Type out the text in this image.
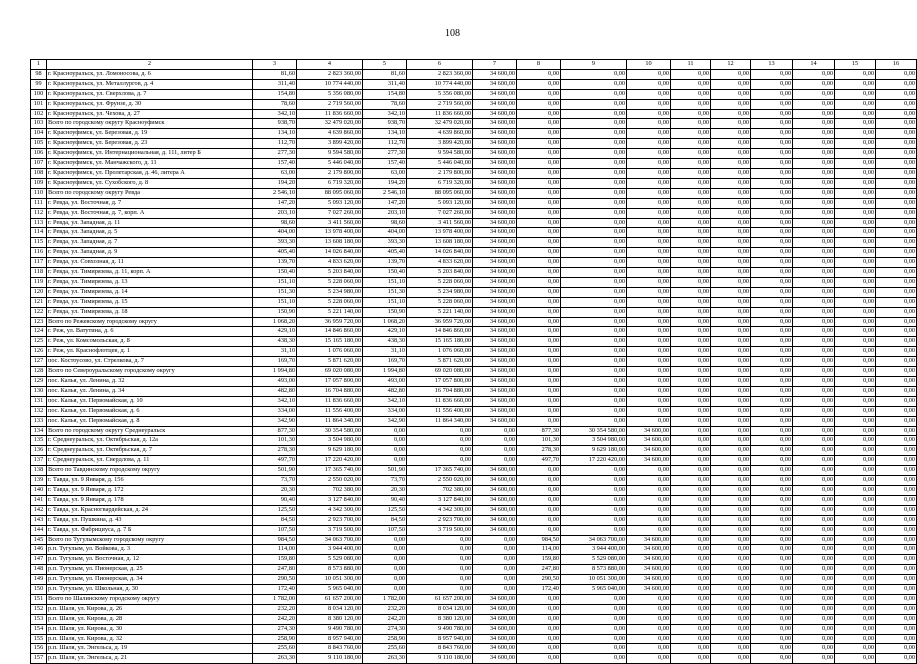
108
1	2	3	4	5	6	7	8	9	10	11	12	13	14	15	16
98	г. Красноуральск, ул. Ломоносова, д. 6	81,60	2 823 360,00	81,60	2 823 360,00	34 600,00	0,00	0,00	0,00	0,00	0,00	0,00	0,00	0,00	0,00
99	г. Красноуральск, ул. Металлургов, д. 4	311,40	10 774 440,00	311,40	10 774 440,00	34 600,00	0,00	0,00	0,00	0,00	0,00	0,00	0,00	0,00	0,00
100	г. Красноуральск, ул. Сверхлова, д. 7	154,80	5 356 080,00	154,80	5 356 080,00	34 600,00	0,00	0,00	0,00	0,00	0,00	0,00	0,00	0,00	0,00
101	г. Красноуральск, ул. Фрунзе, д. 30	78,60	2 719 560,00	78,60	2 719 560,00	34 600,00	0,00	0,00	0,00	0,00	0,00	0,00	0,00	0,00	0,00
102	г. Красноуральск, ул. Чехова, д. 27	342,10	11 836 660,00	342,10	11 836 660,00	34 600,00	0,00	0,00	0,00	0,00	0,00	0,00	0,00	0,00	0,00
103	Всего по городскому округу Красноуфимск	938,70	32 479 020,00	938,70	32 479 020,00	34 600,00	0,00	0,00	0,00	0,00	0,00	0,00	0,00	0,00	0,00
104	г. Красноуфимск, ул. Березовая, д. 19	134,10	4 639 860,00	134,10	4 639 860,00	34 600,00	0,00	0,00	0,00	0,00	0,00	0,00	0,00	0,00	0,00
105	г. Красноуфимск, ул. Березовая, д. 23	112,70	3 899 420,00	112,70	3 899 420,00	34 600,00	0,00	0,00	0,00	0,00	0,00	0,00	0,00	0,00	0,00
106	г. Красноуфимск, ул. Интернациональная, д. 111, литер Б	277,30	9 594 580,00	277,30	9 594 580,00	34 600,00	0,00	0,00	0,00	0,00	0,00	0,00	0,00	0,00	0,00
107	г. Красноуфимск, ул. Манчажского, д. 11	157,40	5 446 040,00	157,40	5 446 040,00	34 600,00	0,00	0,00	0,00	0,00	0,00	0,00	0,00	0,00	0,00
108	г. Красноуфимск, ул. Пролетарская, д. 46, литера А	63,00	2 179 800,00	63,00	2 179 800,00	34 600,00	0,00	0,00	0,00	0,00	0,00	0,00	0,00	0,00	0,00
109	г. Красноуфимск, ул. Сухобского, д. 8	194,20	6 719 320,00	194,20	6 719 320,00	34 600,00	0,00	0,00	0,00	0,00	0,00	0,00	0,00	0,00	0,00
110	Всего по городскому округу Ревда	2 546,10	88 095 060,00	2 546,10	88 095 060,00	34 600,00	0,00	0,00	0,00	0,00	0,00	0,00	0,00	0,00	0,00
111	г. Ревда, ул. Восточная, д. 7	147,20	5 093 120,00	147,20	5 093 120,00	34 600,00	0,00	0,00	0,00	0,00	0,00	0,00	0,00	0,00	0,00
112	г. Ревда, ул. Восточная, д. 7, корп. А	203,10	7 027 260,00	203,10	7 027 260,00	34 600,00	0,00	0,00	0,00	0,00	0,00	0,00	0,00	0,00	0,00
113	г. Ревда, ул. Западная, д. 11	98,60	3 411 560,00	98,60	3 411 560,00	34 600,00	0,00	0,00	0,00	0,00	0,00	0,00	0,00	0,00	0,00
114	г. Ревда, ул. Западная, д. 5	404,00	13 978 400,00	404,00	13 978 400,00	34 600,00	0,00	0,00	0,00	0,00	0,00	0,00	0,00	0,00	0,00
115	г. Ревда, ул. Западная, д. 7	393,30	13 608 180,00	393,30	13 608 180,00	34 600,00	0,00	0,00	0,00	0,00	0,00	0,00	0,00	0,00	0,00
116	г. Ревда, ул. Западная, д. 9	405,40	14 026 840,00	405,40	14 026 840,00	34 600,00	0,00	0,00	0,00	0,00	0,00	0,00	0,00	0,00	0,00
117	г. Ревда, ул. Совхозная, д. 11	139,70	4 833 620,00	139,70	4 833 620,00	34 600,00	0,00	0,00	0,00	0,00	0,00	0,00	0,00	0,00	0,00
118	г. Ревда, ул. Тимирязева, д. 11, корп. А	150,40	5 203 840,00	150,40	5 203 840,00	34 600,00	0,00	0,00	0,00	0,00	0,00	0,00	0,00	0,00	0,00
119	г. Ревда, ул. Тимирязева, д. 13	151,10	5 228 060,00	151,10	5 228 060,00	34 600,00	0,00	0,00	0,00	0,00	0,00	0,00	0,00	0,00	0,00
120	г. Ревда, ул. Тимирязева, д. 14	151,30	5 234 980,00	151,30	5 234 980,00	34 600,00	0,00	0,00	0,00	0,00	0,00	0,00	0,00	0,00	0,00
121	г. Ревда, ул. Тимирязева, д. 15	151,10	5 228 060,00	151,10	5 228 060,00	34 600,00	0,00	0,00	0,00	0,00	0,00	0,00	0,00	0,00	0,00
122	г. Ревда, ул. Тимирязева, д. 18	150,90	5 221 140,00	150,90	5 221 140,00	34 600,00	0,00	0,00	0,00	0,00	0,00	0,00	0,00	0,00	0,00
123	Всего по Режевскому городскому округу	1 068,20	36 959 720,00	1 068,20	36 959 720,00	34 600,00	0,00	0,00	0,00	0,00	0,00	0,00	0,00	0,00	0,00
124	г. Реж, ул. Ватутина, д. 6	429,10	14 846 860,00	429,10	14 846 860,00	34 600,00	0,00	0,00	0,00	0,00	0,00	0,00	0,00	0,00	0,00
125	г. Реж, ул. Комсомольская, д. 8	438,30	15 165 180,00	438,30	15 165 180,00	34 600,00	0,00	0,00	0,00	0,00	0,00	0,00	0,00	0,00	0,00
126	г. Реж, ул. Краснофлотцев, д. 1	31,10	1 076 060,00	31,10	1 076 060,00	34 600,00	0,00	0,00	0,00	0,00	0,00	0,00	0,00	0,00	0,00
127	пос. Костоусово, ул. Стрелкова, д. 7	169,70	5 871 620,00	169,70	5 871 620,00	34 600,00	0,00	0,00	0,00	0,00	0,00	0,00	0,00	0,00	0,00
128	Всего по Североуральскому городскому округу	1 994,80	69 020 080,00	1 994,80	69 020 080,00	34 600,00	0,00	0,00	0,00	0,00	0,00	0,00	0,00	0,00	0,00
129	пос. Калья, ул. Ленина, д. 32	493,00	17 057 800,00	493,00	17 057 800,00	34 600,00	0,00	0,00	0,00	0,00	0,00	0,00	0,00	0,00	0,00
130	пос. Калья, ул. Ленина, д. 34	482,80	16 704 880,00	482,80	16 704 880,00	34 600,00	0,00	0,00	0,00	0,00	0,00	0,00	0,00	0,00	0,00
131	пос. Калья, ул. Первомайская, д. 10	342,10	11 836 660,00	342,10	11 836 660,00	34 600,00	0,00	0,00	0,00	0,00	0,00	0,00	0,00	0,00	0,00
132	пос. Калья, ул. Первомайская, д. 6	334,00	11 556 400,00	334,00	11 556 400,00	34 600,00	0,00	0,00	0,00	0,00	0,00	0,00	0,00	0,00	0,00
133	пос. Калья, ул. Первомайская, д. 8	342,90	11 864 340,00	342,90	11 864 340,00	34 600,00	0,00	0,00	0,00	0,00	0,00	0,00	0,00	0,00	0,00
134	Всего по городскому округу Среднеуральск	877,30	30 354 580,00	0,00	0,00	0,00	877,30	30 354 580,00	34 600,00	0,00	0,00	0,00	0,00	0,00	0,00
135	г. Среднеуральск, ул. Октябрьская, д. 12а	101,30	3 504 980,00	0,00	0,00	0,00	101,30	3 504 980,00	34 600,00	0,00	0,00	0,00	0,00	0,00	0,00
136	г. Среднеуральск, ул. Октябрьская, д. 7	278,30	9 629 180,00	0,00	0,00	0,00	278,30	9 629 180,00	34 600,00	0,00	0,00	0,00	0,00	0,00	0,00
137	г. Среднеуральск, ул. Свердлова, д. 11	497,70	17 220 420,00	0,00	0,00	0,00	497,70	17 220 420,00	34 600,00	0,00	0,00	0,00	0,00	0,00	0,00
138	Всего по Тавдинскому городскому округу	501,90	17 365 740,00	501,90	17 365 740,00	34 600,00	0,00	0,00	0,00	0,00	0,00	0,00	0,00	0,00	0,00
139	г. Тавда, ул. 9 Января, д. 156	73,70	2 550 020,00	73,70	2 550 020,00	34 600,00	0,00	0,00	0,00	0,00	0,00	0,00	0,00	0,00	0,00
140	г. Тавда, ул. 9 Января, д. 172	20,30	702 380,00	20,30	702 380,00	34 600,00	0,00	0,00	0,00	0,00	0,00	0,00	0,00	0,00	0,00
141	г. Тавда, ул. 9 Января, д. 178	90,40	3 127 840,00	90,40	3 127 840,00	34 600,00	0,00	0,00	0,00	0,00	0,00	0,00	0,00	0,00	0,00
142	г. Тавда, ул. Красногвардейская, д. 24	125,50	4 342 300,00	125,50	4 342 300,00	34 600,00	0,00	0,00	0,00	0,00	0,00	0,00	0,00	0,00	0,00
143	г. Тавда, ул. Пушкина, д. 43	84,50	2 923 700,00	84,50	2 923 700,00	34 600,00	0,00	0,00	0,00	0,00	0,00	0,00	0,00	0,00	0,00
144	г. Тавда, ул. Фабрициуса, д. 7 Б	107,50	3 719 500,00	107,50	3 719 500,00	34 600,00	0,00	0,00	0,00	0,00	0,00	0,00	0,00	0,00	0,00
145	Всего по Тугулымскому городскому округу	984,50	34 063 700,00	0,00	0,00	0,00	984,50	34 063 700,00	34 600,00	0,00	0,00	0,00	0,00	0,00	0,00
146	р.п. Тугулым, ул. Войкова, д. 3	114,00	3 944 400,00	0,00	0,00	0,00	114,00	3 944 400,00	34 600,00	0,00	0,00	0,00	0,00	0,00	0,00
147	р.п. Тугулым, ул. Восточная, д. 12	159,80	5 529 080,00	0,00	0,00	0,00	159,80	5 529 080,00	34 600,00	0,00	0,00	0,00	0,00	0,00	0,00
148	р.п. Тугулым, ул. Пионерская, д. 25	247,80	8 573 880,00	0,00	0,00	0,00	247,80	8 573 880,00	34 600,00	0,00	0,00	0,00	0,00	0,00	0,00
149	р.п. Тугулым, ул. Пионерская, д. 34	290,50	10 051 300,00	0,00	0,00	0,00	290,50	10 051 300,00	34 600,00	0,00	0,00	0,00	0,00	0,00	0,00
150	р.п. Тугулым, ул. Школьная, д. 30	172,40	5 965 040,00	0,00	0,00	0,00	172,40	5 965 040,00	34 600,00	0,00	0,00	0,00	0,00	0,00	0,00
151	Всего по Шалинскому городскому округу	1 782,00	61 657 200,00	1 782,00	61 657 200,00	34 600,00	0,00	0,00	0,00	0,00	0,00	0,00	0,00	0,00	0,00
152	р.п. Шаля, ул. Кирова, д. 26	232,20	8 034 120,00	232,20	8 034 120,00	34 600,00	0,00	0,00	0,00	0,00	0,00	0,00	0,00	0,00	0,00
153	р.п. Шаля, ул. Кирова, д. 28	242,20	8 380 120,00	242,20	8 380 120,00	34 600,00	0,00	0,00	0,00	0,00	0,00	0,00	0,00	0,00	0,00
154	р.п. Шаля, ул. Кирова, д. 30	274,30	9 490 780,00	274,30	9 490 780,00	34 600,00	0,00	0,00	0,00	0,00	0,00	0,00	0,00	0,00	0,00
155	р.п. Шаля, ул. Кирова, д. 32	258,90	8 957 940,00	258,90	8 957 940,00	34 600,00	0,00	0,00	0,00	0,00	0,00	0,00	0,00	0,00	0,00
156	р.п. Шаля, ул. Энгельса, д. 19	255,60	8 843 760,00	255,60	8 843 760,00	34 600,00	0,00	0,00	0,00	0,00	0,00	0,00	0,00	0,00	0,00
157	р.п. Шаля, ул. Энгельса, д. 21	263,30	9 110 180,00	263,30	9 110 180,00	34 600,00	0,00	0,00	0,00	0,00	0,00	0,00	0,00	0,00	0,00
